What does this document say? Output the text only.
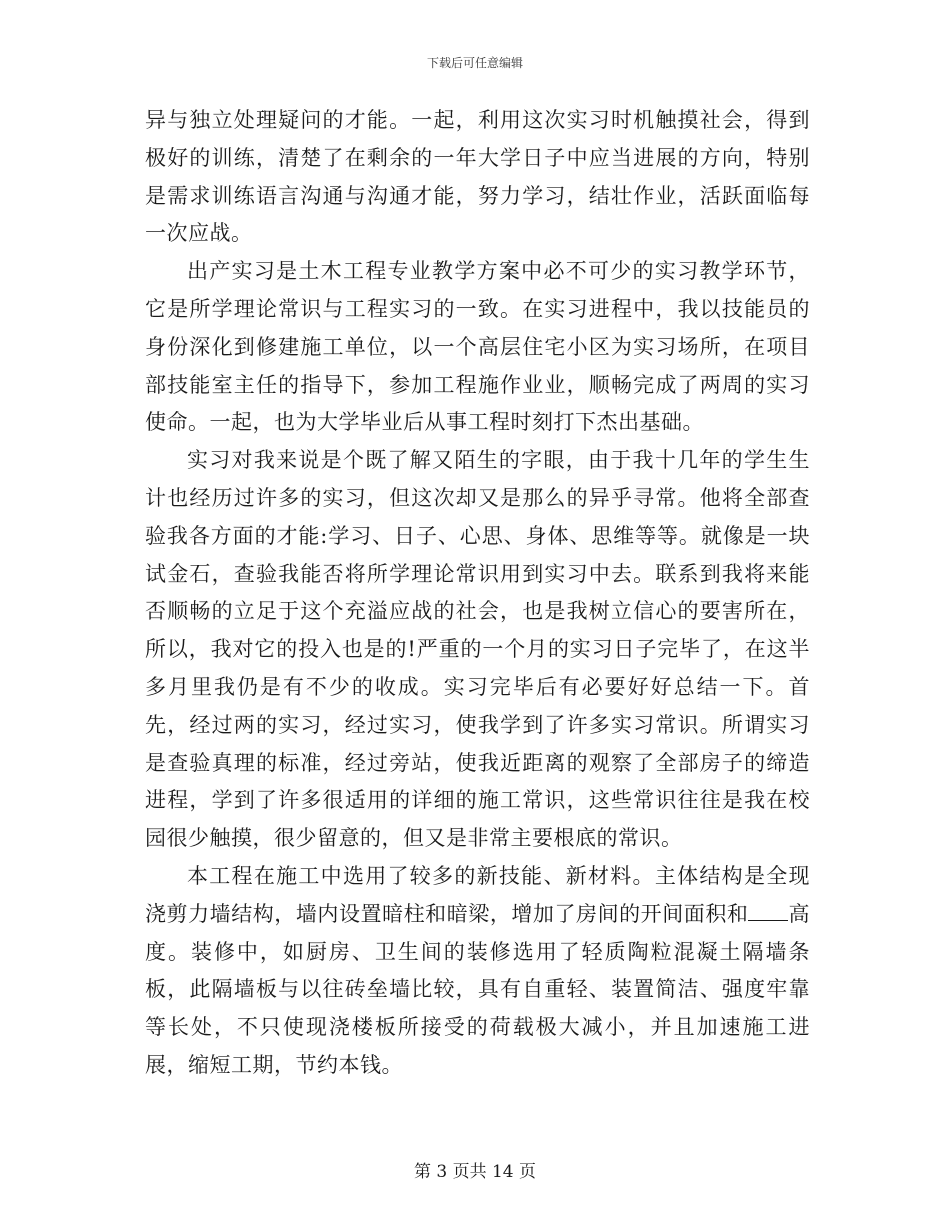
下载后可任意编辑

异与独立处理疑问的才能。一起，利用这次实习时机触摸社会，得到极好的训练，清楚了在剩余的一年大学日子中应当进展的方向，特别是需求训练语言沟通与沟通才能，努力学习，结壮作业，活跃面临每一次应战。

出产实习是土木工程专业教学方案中必不可少的实习教学环节，它是所学理论常识与工程实习的一致。在实习进程中，我以技能员的身份深化到修建施工单位，以一个高层住宅小区为实习场所，在项目部技能室主任的指导下，参加工程施作业业，顺畅完成了两周的实习使命。一起，也为大学毕业后从事工程时刻打下杰出基础。

实习对我来说是个既了解又陌生的字眼，由于我十几年的学生生计也经历过许多的实习，但这次却又是那么的异乎寻常。他将全部查验我各方面的才能:学习、日子、心思、身体、思维等等。就像是一块试金石，查验我能否将所学理论常识用到实习中去。联系到我将来能否顺畅的立足于这个充溢应战的社会，也是我树立信心的要害所在，所以，我对它的投入也是的!严重的一个月的实习日子完毕了，在这半多月里我仍是有不少的收成。实习完毕后有必要好好总结一下。首先，经过两的实习，经过实习，使我学到了许多实习常识。所谓实习是查验真理的标准，经过旁站，使我近距离的观察了全部房子的缔造进程，学到了许多很适用的详细的施工常识，这些常识往往是我在校园很少触摸，很少留意的，但又是非常主要根底的常识。

本工程在施工中选用了较多的新技能、新材料。主体结构是全现浇剪力墙结构，墙内设置暗柱和暗梁，增加了房间的开间面积和 高度。装修中，如厨房、卫生间的装修选用了轻质陶粒混凝土隔墙条板，此隔墙板与以往砖垒墙比较，具有自重轻、装置简洁、强度牢靠等长处，不只使现浇楼板所接受的荷载极大减小，并且加速施工进展，缩短工期，节约本钱。

第 3 页共 14 页
